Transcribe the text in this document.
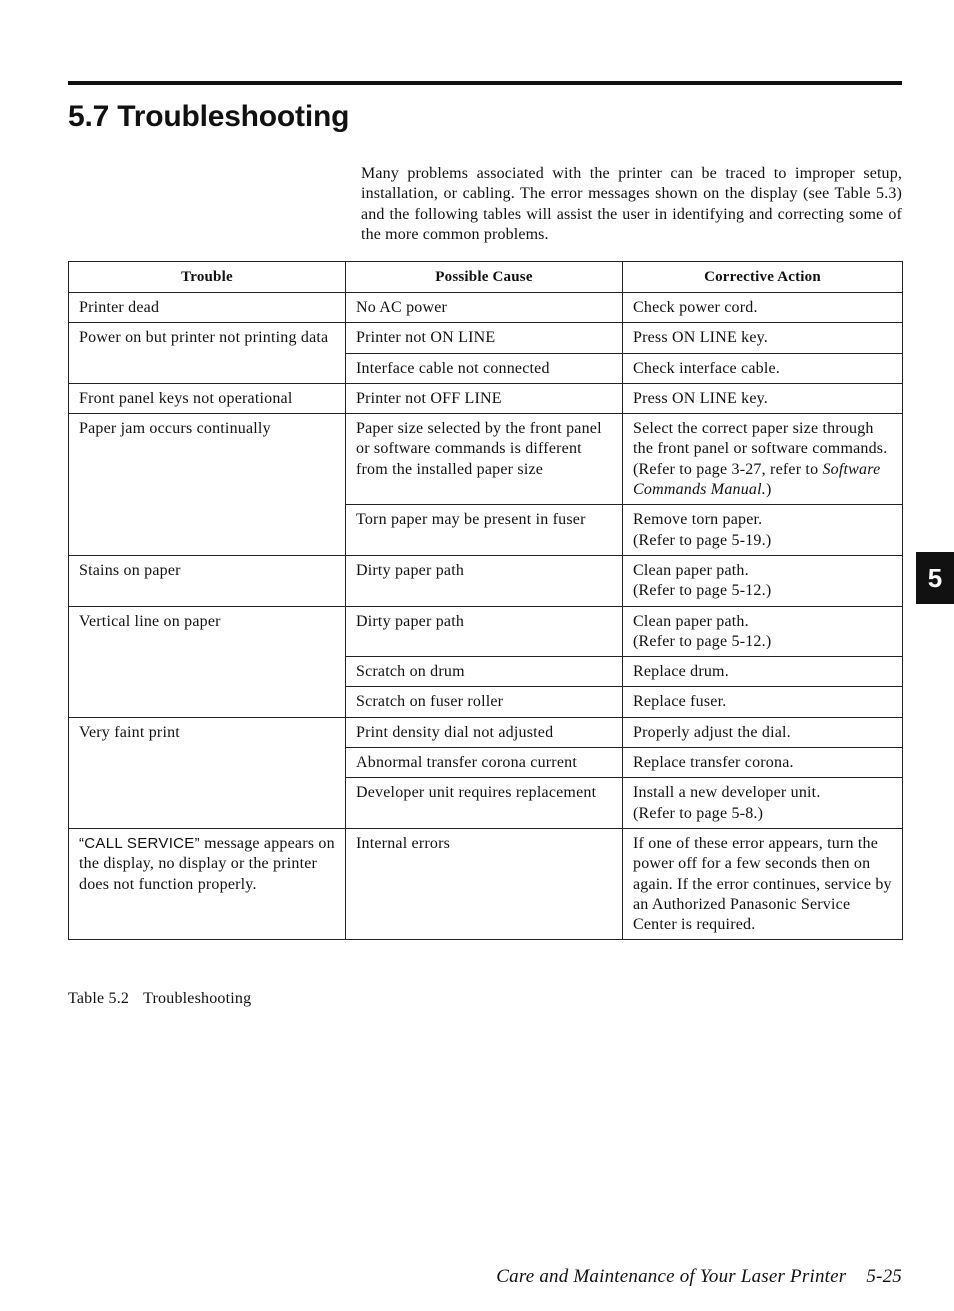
5.7 Troubleshooting

Many problems associated with the printer can be traced to improper setup, installation, or cabling. The error messages shown on the display (see Table 5.3) and the following tables will assist the user in identifying and correcting some of the more common problems.

Trouble	Possible Cause	Corrective Action
Printer dead	No AC power	Check power cord.
Power on but printer not printing data	Printer not ON LINE	Press ON LINE key.
	Interface cable not connected	Check interface cable.
Front panel keys not operational	Printer not OFF LINE	Press ON LINE key.
Paper jam occurs continually	Paper size selected by the front panel or software commands is different from the installed paper size	Select the correct paper size through the front panel or software commands.
(Refer to page 3-27, refer to Software Commands Manual.)

	Torn paper may be present in fuser	Remove torn paper.
(Refer to page 5-19.)

Stains on paper	Dirty paper path	Clean paper path.
(Refer to page 5-12.)

Vertical line on paper	Dirty paper path	Clean paper path.
(Refer to page 5-12.)

	Scratch on drum	Replace drum.
	Scratch on fuser roller	Replace fuser.
Very faint print	Print density dial not adjusted	Properly adjust the dial.
	Abnormal transfer corona current	Replace transfer corona.
	Developer unit requires replacement	Install a new developer unit.
(Refer to page 5-8.)

“CALL SERVICE” message appears on the display, no display or the printer does not function properly.	Internal errors	If one of these error appears, turn the power off for a few seconds then on again. If the error continues, service by an Authorized Panasonic Service Center is required.

Table 5.2 Troubleshooting

5

Care and Maintenance of Your Laser Printer 5-25
